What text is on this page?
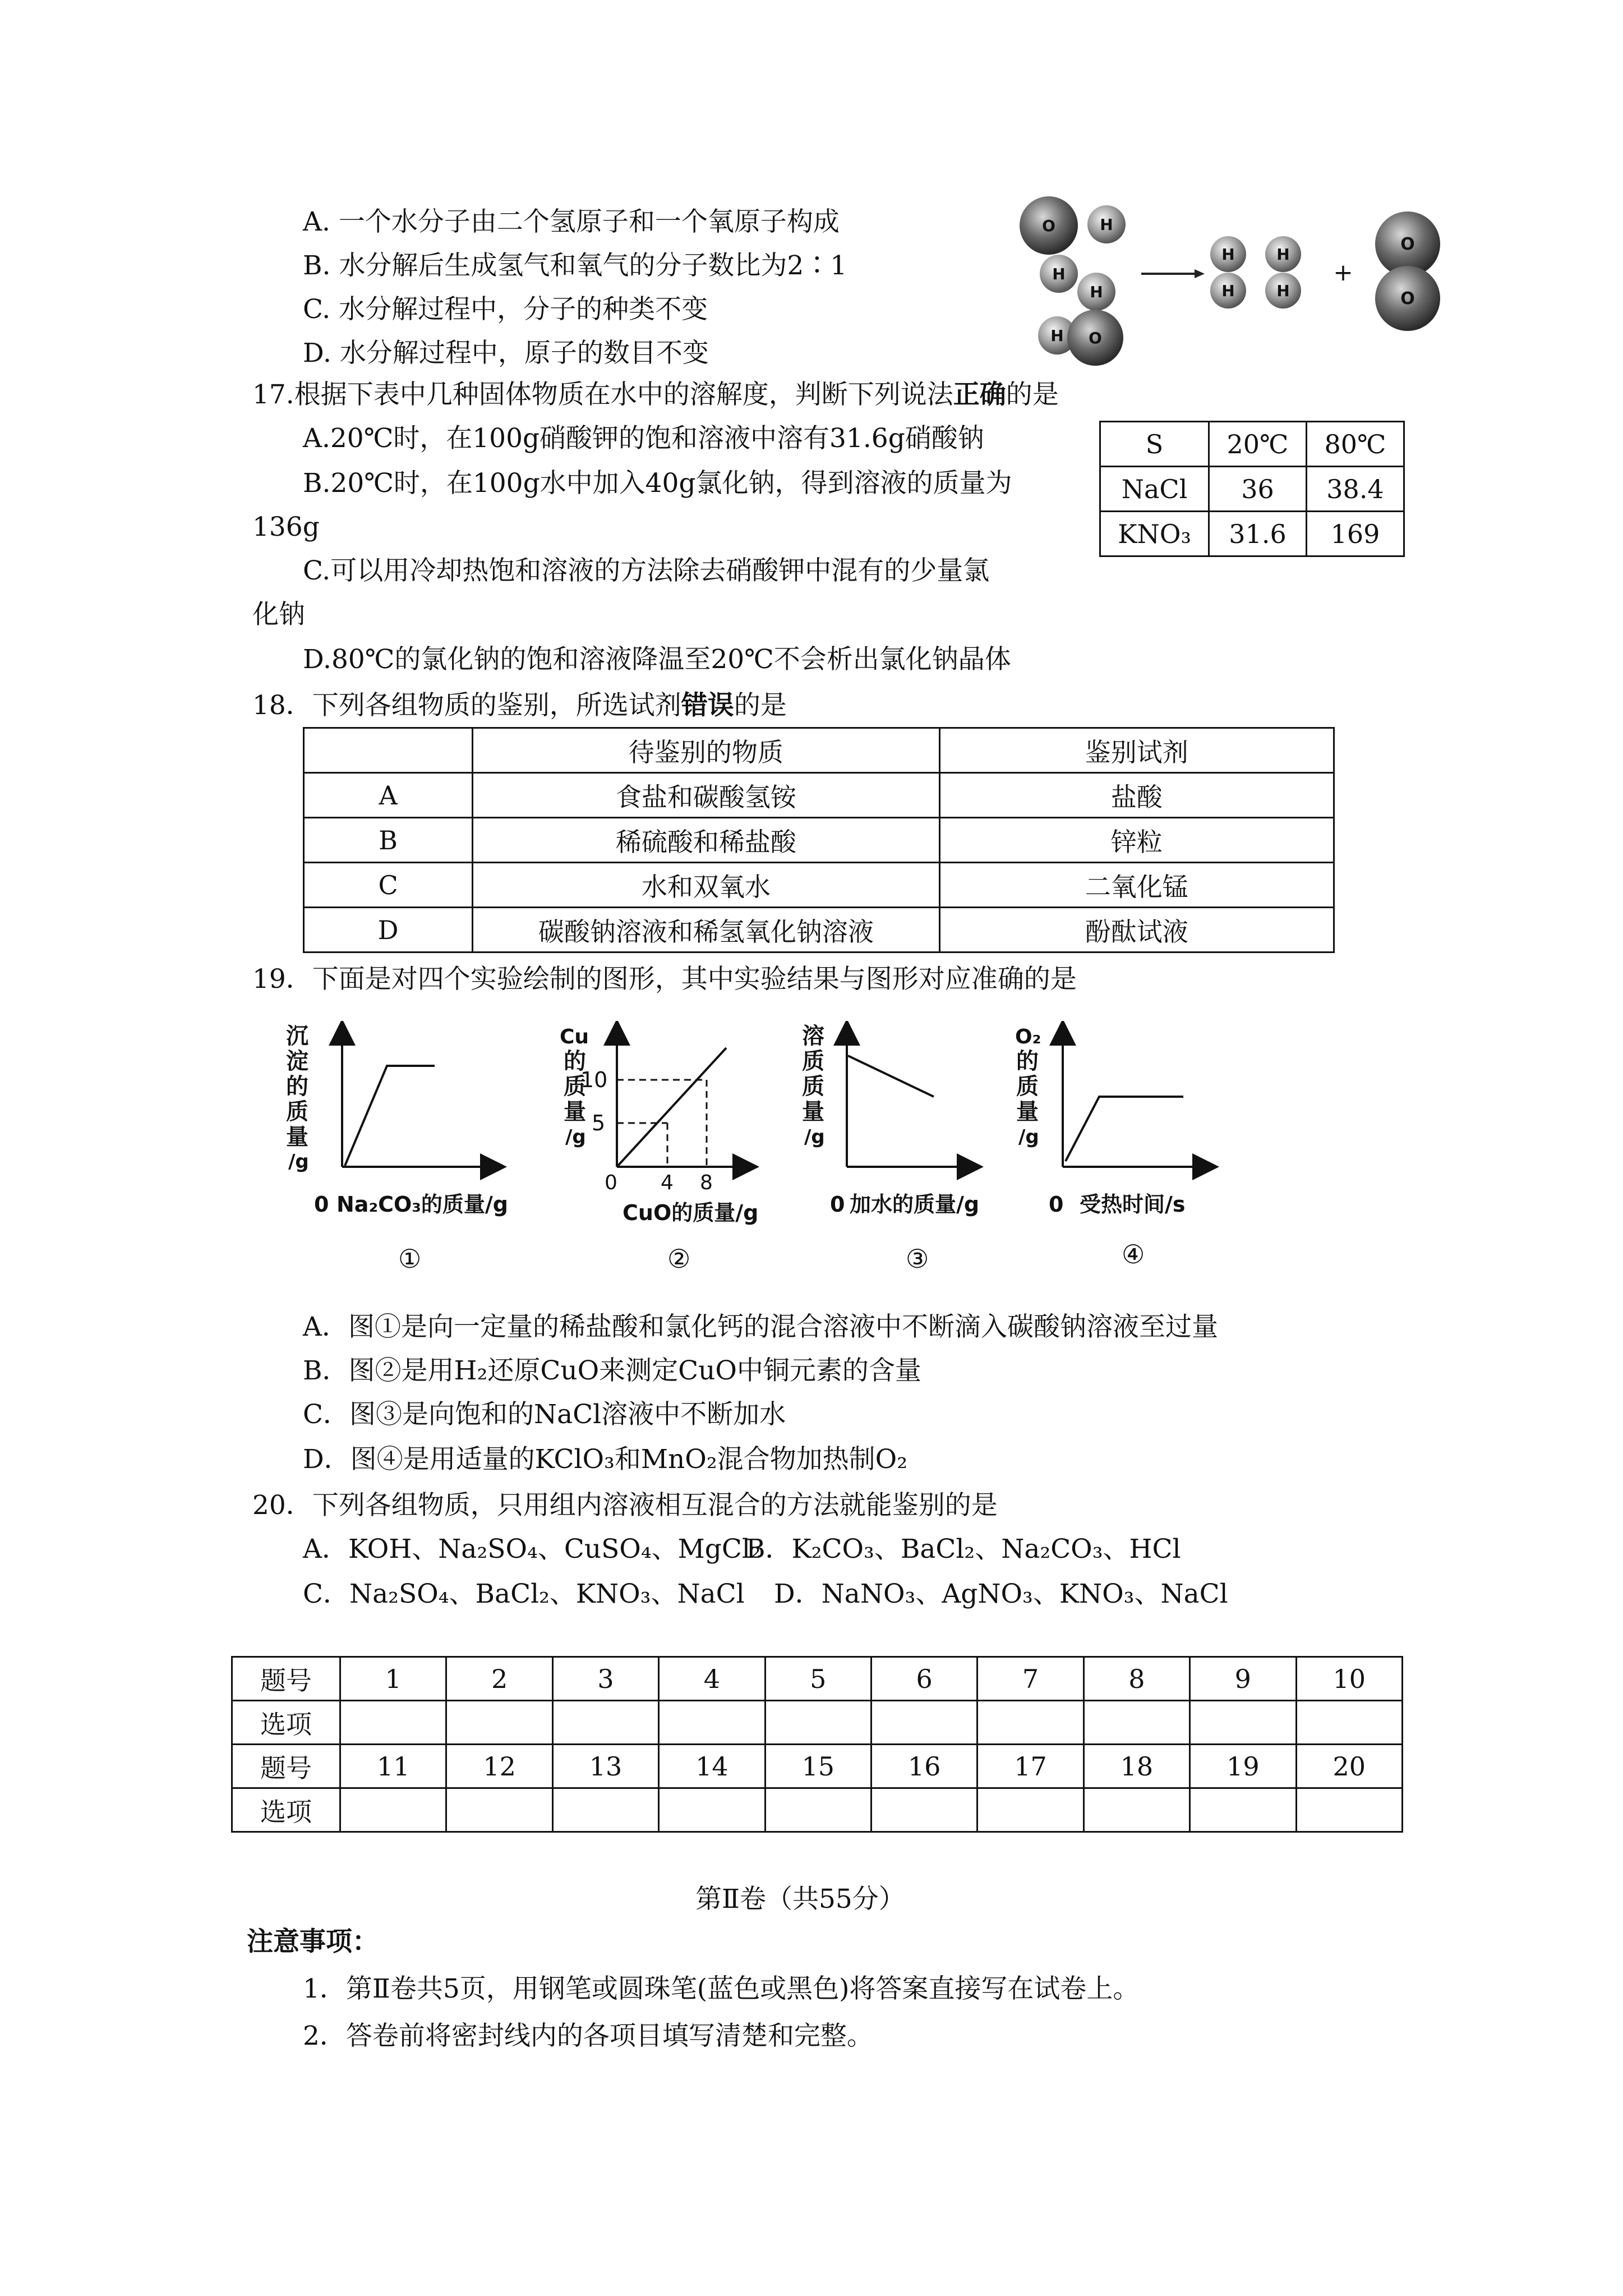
A. 一个水分子由二个氢原子和一个氧原子构成
B. 水分解后生成氢气和氧气的分子数比为2∶1
C. 水分解过程中，分子的种类不变
D. 水分解过程中，原子的数目不变
O	H
H
H
H O
H
H
H
H
+
O
O
17.根据下表中几种固体物质在水中的溶解度，判断下列说法正确的是
A.20℃时，在100g硝酸钾的饱和溶液中溶有31.6g硝酸钠
B.20℃时，在100g水中加入40g氯化钠，得到溶液的质量为
136g
C.可以用冷却热饱和溶液的方法除去硝酸钾中混有的少量氯
化钠
D.80℃的氯化钠的饱和溶液降温至20℃不会析出氯化钠晶体
S	20℃	80℃
NaCl	36	38.4
KNO₃	31.6	169
18．下列各组物质的鉴别，所选试剂错误的是
	待鉴别的物质	鉴别试剂
A	食盐和碳酸氢铵	盐酸
B	稀硫酸和稀盐酸	锌粒
C	水和双氧水	二氧化锰
D	碳酸钠溶液和稀氢氧化钠溶液	酚酞试液
19．下面是对四个实验绘制的图形，其中实验结果与图形对应准确的是
沉
淀
的
质
量
/g
0 Na₂CO₃的质量/g
①
Cu
的
质
量
/g
5
10
0 4 8
CuO的质量/g
②
溶
质
质
量
/g
0 加水的质量/g
③
O₂
的
质
量
/g
0 受热时间/s
④
A．图①是向一定量的稀盐酸和氯化钙的混合溶液中不断滴入碳酸钠溶液至过量
B．图②是用H₂还原CuO来测定CuO中铜元素的含量
C．图③是向饱和的NaCl溶液中不断加水
D．图④是用适量的KClO₃和MnO₂混合物加热制O₂
20．下列各组物质，只用组内溶液相互混合的方法就能鉴别的是
A．KOH、Na₂SO₄、CuSO₄、MgCl₂
B．K₂CO₃、BaCl₂、Na₂CO₃、HCl
C．Na₂SO₄、BaCl₂、KNO₃、NaCl D．NaNO₃、AgNO₃、KNO₃、NaCl
题号	1	2	3	4	5	6	7	8	9	10
选项										
题号	11	12	13	14	15	16	17	18	19	20
选项										
第Ⅱ卷（共55分）
注意事项：
1．第Ⅱ卷共5页，用钢笔或圆珠笔(蓝色或黑色)将答案直接写在试卷上。
2．答卷前将密封线内的各项目填写清楚和完整。
